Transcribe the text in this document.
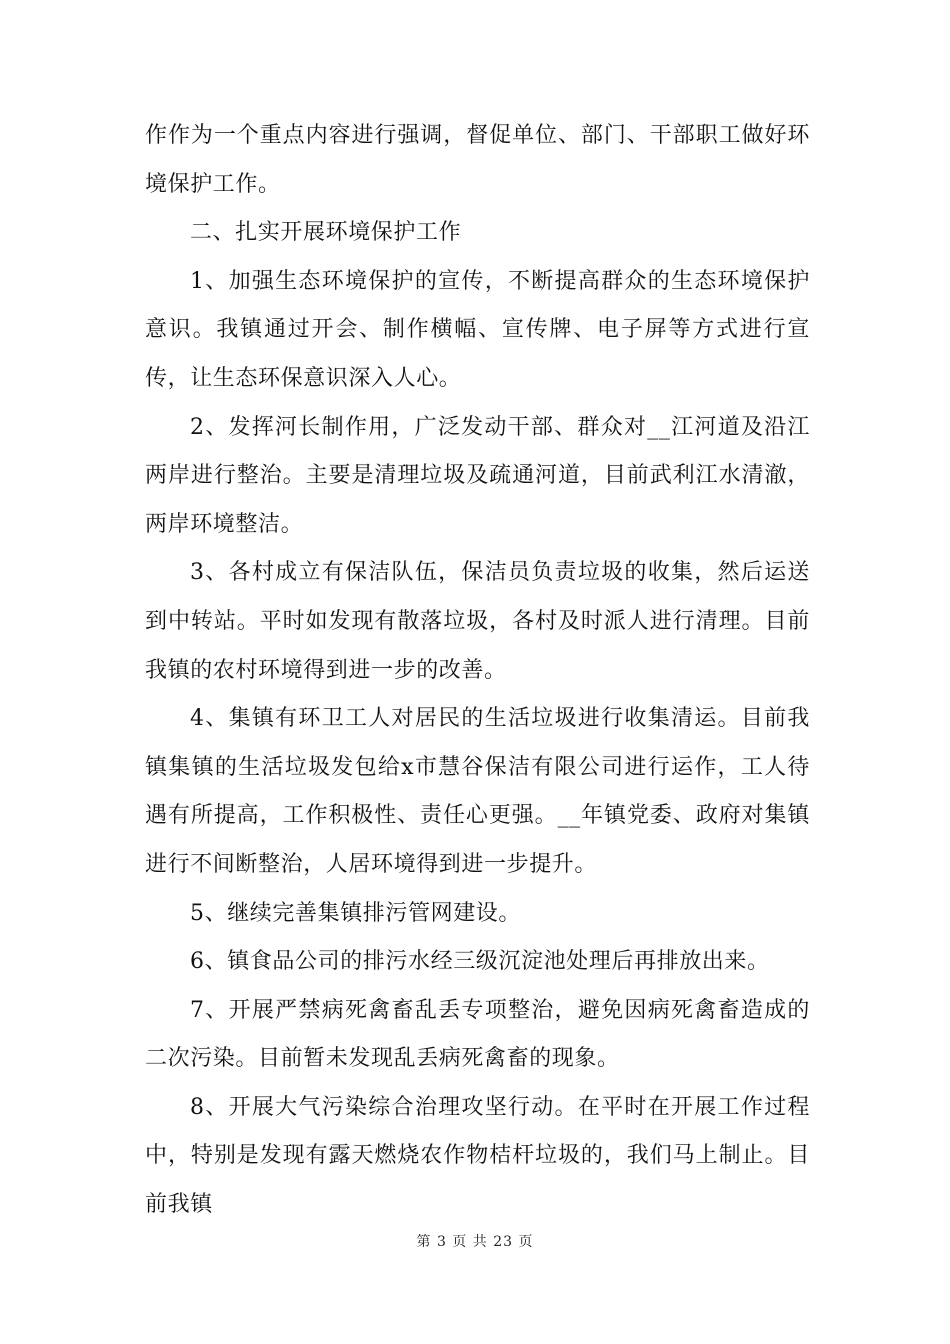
作作为一个重点内容进行强调，督促单位、部门、干部职工做好环境保护工作。

二、扎实开展环境保护工作

1、加强生态环境保护的宣传，不断提高群众的生态环境保护意识。我镇通过开会、制作横幅、宣传牌、电子屏等方式进行宣传，让生态环保意识深入人心。

2、发挥河长制作用，广泛发动干部、群众对__江河道及沿江两岸进行整治。主要是清理垃圾及疏通河道，目前武利江水清澈，两岸环境整洁。

3、各村成立有保洁队伍，保洁员负责垃圾的收集，然后运送到中转站。平时如发现有散落垃圾，各村及时派人进行清理。目前我镇的农村环境得到进一步的改善。

4、集镇有环卫工人对居民的生活垃圾进行收集清运。目前我镇集镇的生活垃圾发包给x市慧谷保洁有限公司进行运作，工人待遇有所提高，工作积极性、责任心更强。__年镇党委、政府对集镇进行不间断整治，人居环境得到进一步提升。

5、继续完善集镇排污管网建设。

6、镇食品公司的排污水经三级沉淀池处理后再排放出来。

7、开展严禁病死禽畜乱丢专项整治，避免因病死禽畜造成的二次污染。目前暂未发现乱丢病死禽畜的现象。

8、开展大气污染综合治理攻坚行动。在平时在开展工作过程中，特别是发现有露天燃烧农作物桔杆垃圾的，我们马上制止。目前我镇

第 3 页 共 23 页
